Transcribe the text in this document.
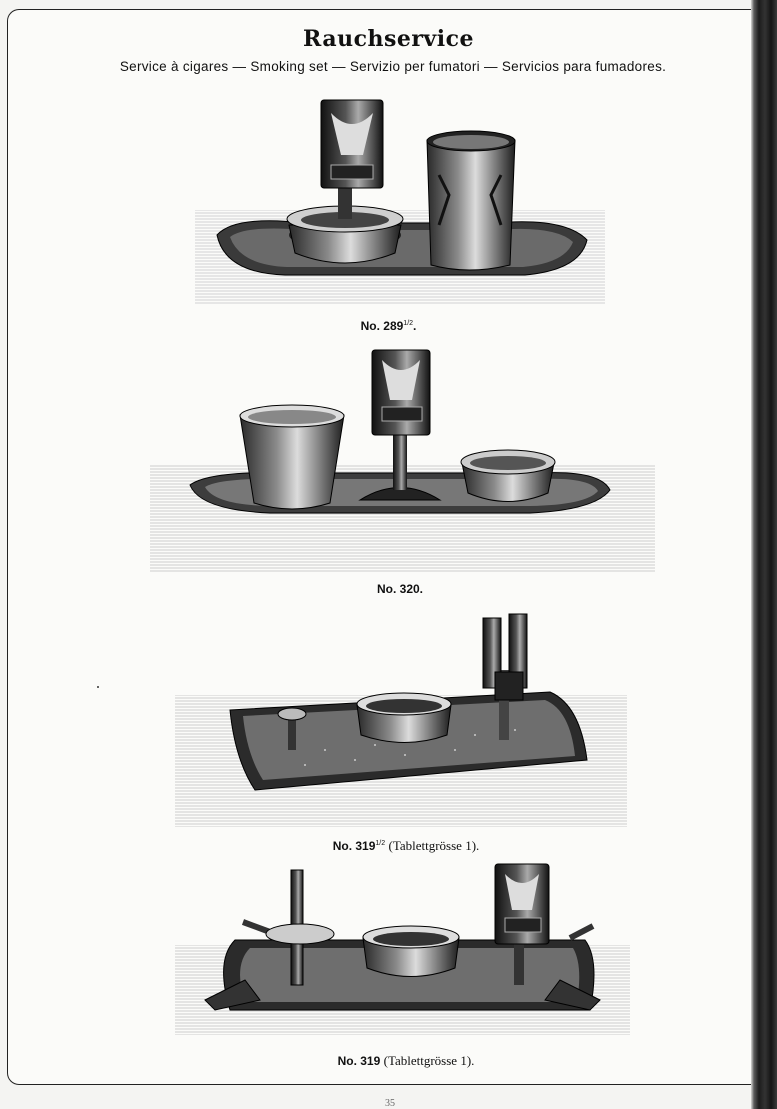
Rauchservice
Service à cigares — Smoking set — Servizio per fumatori — Servicios para fumadores.
No. $289^{1/2}$.
No. 320.
No. $319^{1/2}$ (Tablettgrösse 1).
No. 319 (Tablettgrösse 1).
35
